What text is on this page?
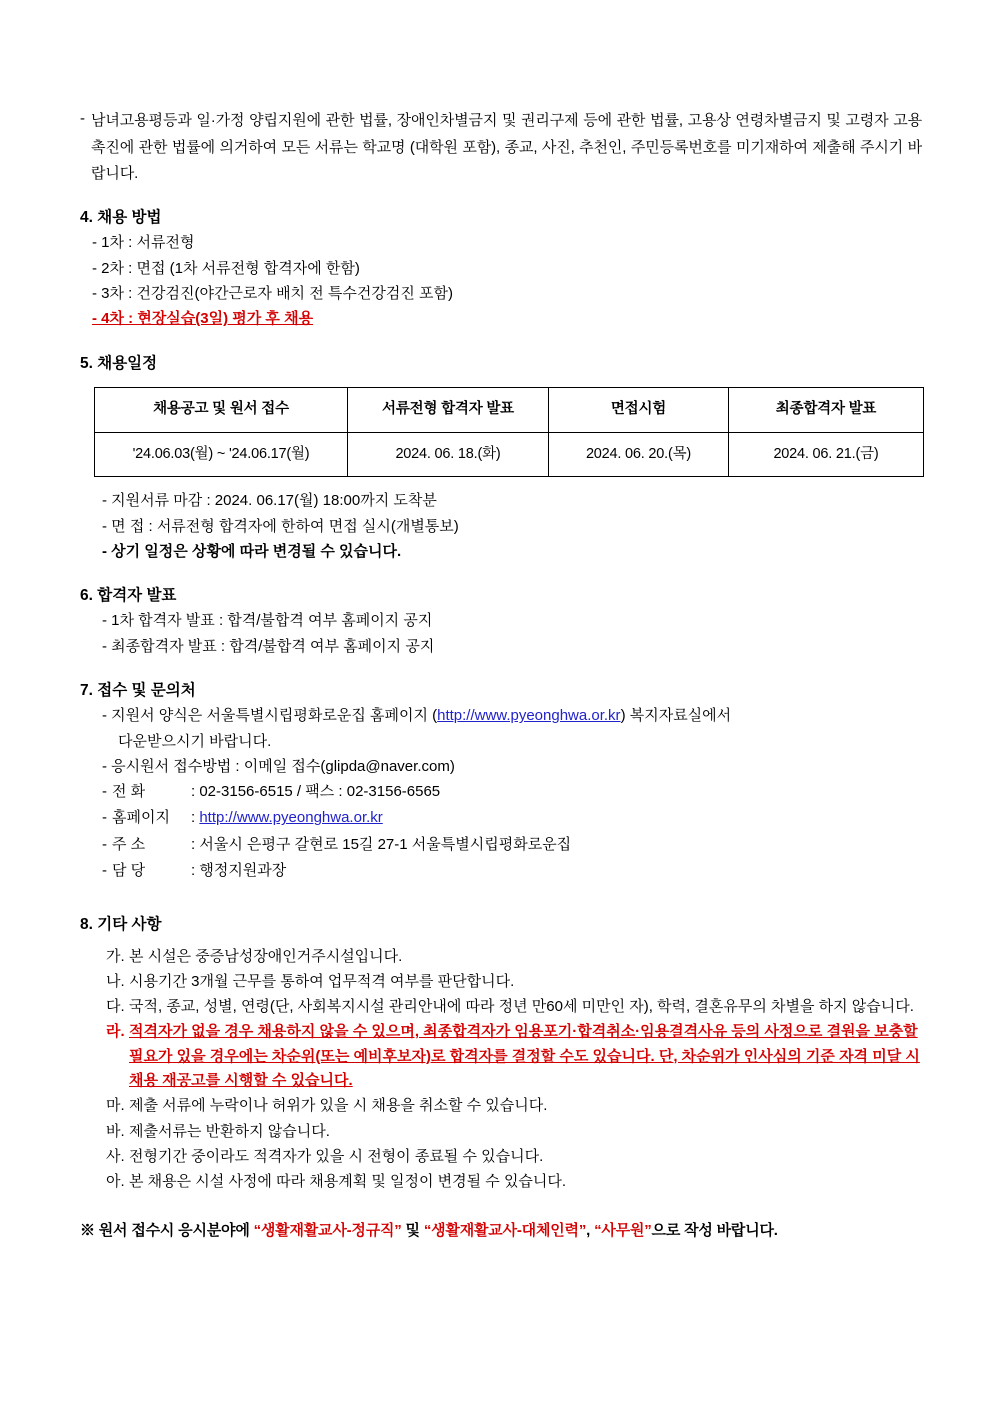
- 남녀고용평등과 일·가정 양립지원에 관한 법률, 장애인차별금지 및 권리구제 등에 관한 법률, 고용상 연령차별금지 및 고령자 고용촉진에 관한 법률에 의거하여 모든 서류는 학교명 (대학원 포함), 종교, 사진, 추천인, 주민등록번호를 미기재하여 제출해 주시기 바랍니다.
4. 채용 방법
- 1차 : 서류전형
- 2차 : 면접 (1차 서류전형 합격자에 한함)
- 3차 : 건강검진(야간근로자 배치 전 특수건강검진 포함)
- 4차 : 현장실습(3일) 평가 후 채용
5. 채용일정
채용공고 및 원서 접수	서류전형 합격자 발표	면접시험	최종합격자 발표
'24.06.03(월) ~ '24.06.17(월)	2024. 06. 18.(화)	2024. 06. 20.(목)	2024. 06. 21.(금)
- 지원서류 마감 : 2024. 06.17(월) 18:00까지 도착분
- 면 접 : 서류전형 합격자에 한하여 면접 실시(개별통보)
- 상기 일정은 상황에 따라 변경될 수 있습니다.
6. 합격자 발표
- 1차 합격자 발표 : 합격/불합격 여부 홈페이지 공지
- 최종합격자 발표 : 합격/불합격 여부 홈페이지 공지
7. 접수 및 문의처
- 지원서 양식은 서울특별시립평화로운집 홈페이지 (http://www.pyeonghwa.or.kr) 복지자료실에서
다운받으시기 바랍니다.
- 응시원서 접수방법 : 이메일 접수(glipda@naver.com)
- 전 화	: 02-3156-6515 / 팩스 : 02-3156-6565
- 홈페이지	: http://www.pyeonghwa.or.kr
- 주 소	: 서울시 은평구 갈현로 15길 27-1 서울특별시립평화로운집
- 담 당	: 행정지원과장
8. 기타 사항
가. 본 시설은 중증남성장애인거주시설입니다.
나. 시용기간 3개월 근무를 통하여 업무적격 여부를 판단합니다.
다. 국적, 종교, 성별, 연령(단, 사회복지시설 관리안내에 따라 정년 만60세 미만인 자), 학력, 결혼유무의 차별을 하지 않습니다.
라. 적격자가 없을 경우 채용하지 않을 수 있으며, 최종합격자가 임용포기·합격취소·임용결격사유 등의 사정으로 결원을 보충할 필요가 있을 경우에는 차순위(또는 예비후보자)로 합격자를 결정할 수도 있습니다. 단, 차순위가 인사심의 기준 자격 미달 시 채용 재공고를 시행할 수 있습니다.
마. 제출 서류에 누락이나 허위가 있을 시 채용을 취소할 수 있습니다.
바. 제출서류는 반환하지 않습니다.
사. 전형기간 중이라도 적격자가 있을 시 전형이 종료될 수 있습니다.
아. 본 채용은 시설 사정에 따라 채용계획 및 일정이 변경될 수 있습니다.
※ 원서 접수시 응시분야에 “생활재활교사-정규직” 및 “생활재활교사-대체인력”, “사무원”으로 작성 바랍니다.
